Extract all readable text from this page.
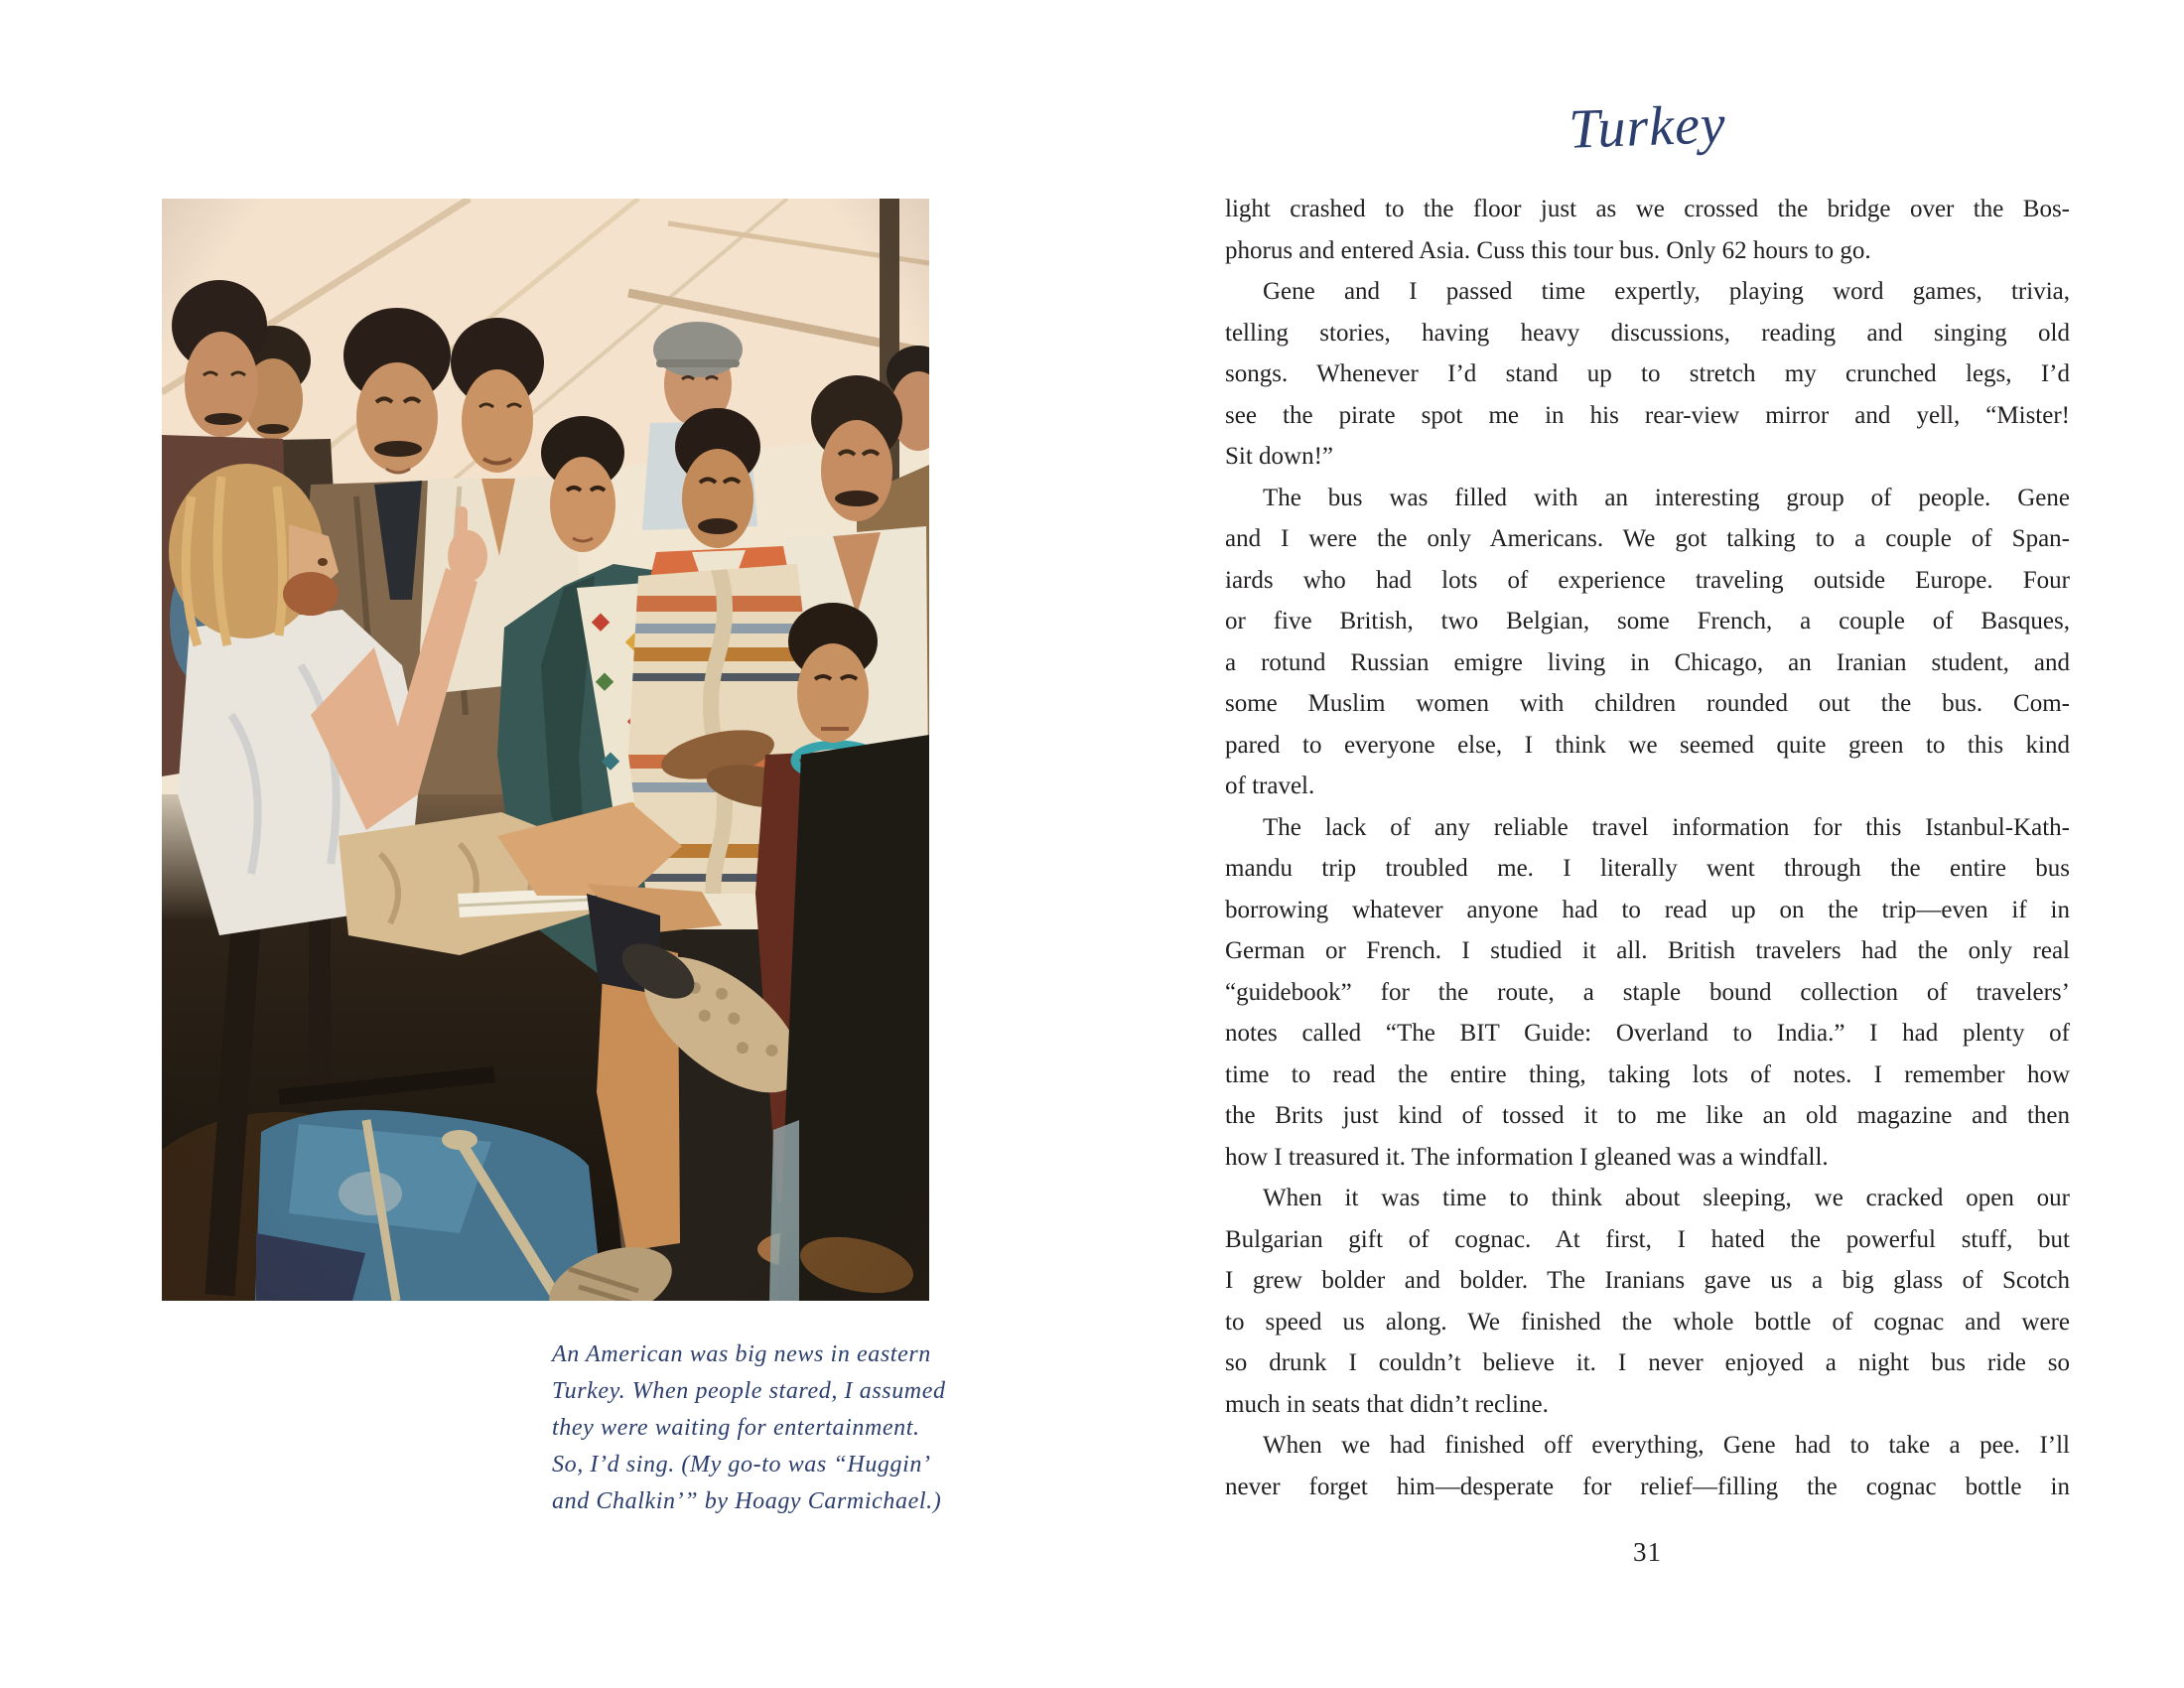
An American was big news in eastern
Turkey. When people stared, I assumed
they were waiting for entertainment.
So, I’d sing. (My go-to was “Huggin’
and Chalkin’” by Hoagy Carmichael.)
Turkey
light crashed to the floor just as we crossed the bridge over the Bos-
phorus and entered Asia. Cuss this tour bus. Only 62 hours to go.
Gene and I passed time expertly, playing word games, trivia,
telling stories, having heavy discussions, reading and singing old
songs. Whenever I’d stand up to stretch my crunched legs, I’d
see the pirate spot me in his rear-view mirror and yell, “Mister!
Sit down!”
The bus was filled with an interesting group of people. Gene
and I were the only Americans. We got talking to a couple of Span-
iards who had lots of experience traveling outside Europe. Four
or five British, two Belgian, some French, a couple of Basques,
a rotund Russian emigre living in Chicago, an Iranian student, and
some Muslim women with children rounded out the bus. Com-
pared to everyone else, I think we seemed quite green to this kind
of travel.
The lack of any reliable travel information for this Istanbul-Kath-
mandu trip troubled me. I literally went through the entire bus
borrowing whatever anyone had to read up on the trip—even if in
German or French. I studied it all. British travelers had the only real
“guidebook” for the route, a staple bound collection of travelers’
notes called “The BIT Guide: Overland to India.” I had plenty of
time to read the entire thing, taking lots of notes. I remember how
the Brits just kind of tossed it to me like an old magazine and then
how I treasured it. The information I gleaned was a windfall.
When it was time to think about sleeping, we cracked open our
Bulgarian gift of cognac. At first, I hated the powerful stuff, but
I grew bolder and bolder. The Iranians gave us a big glass of Scotch
to speed us along. We finished the whole bottle of cognac and were
so drunk I couldn’t believe it. I never enjoyed a night bus ride so
much in seats that didn’t recline.
When we had finished off everything, Gene had to take a pee. I’ll
never forget him—desperate for relief—filling the cognac bottle in
31
